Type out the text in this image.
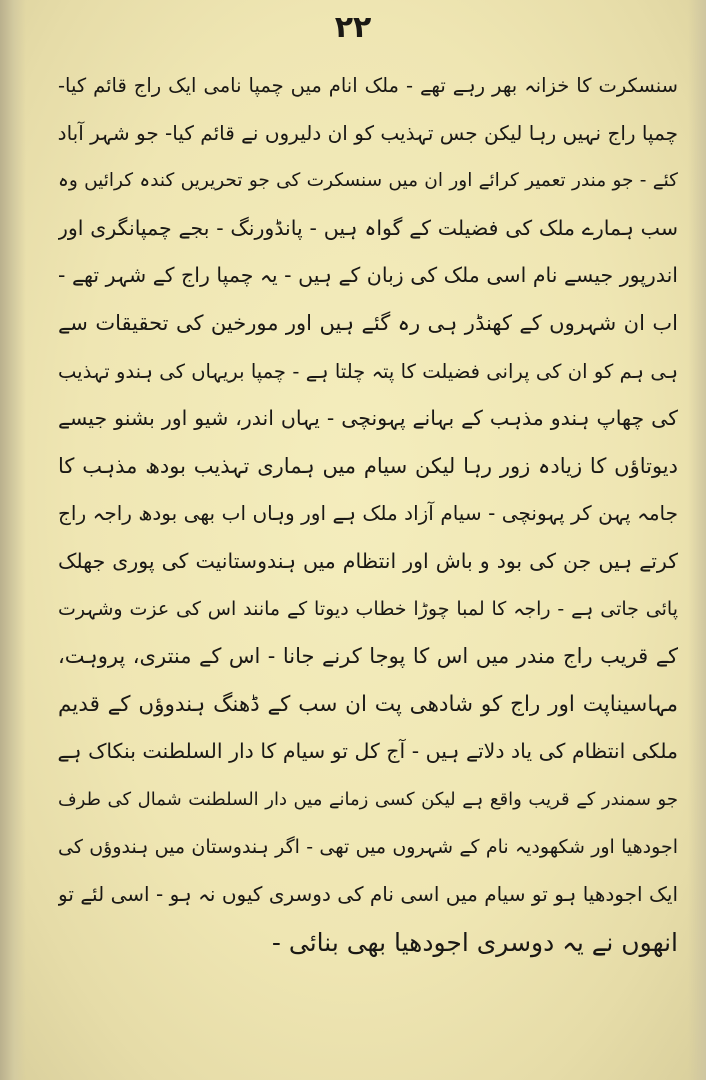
۲۲
سنسکرت کا خزانہ بھر رہے تھے - ملک انام میں چمپا نامی ایک راج قائم کیا-
چمپا راج نہیں رہا لیکن جس تہذیب کو ان دلیروں نے قائم کیا- جو شہر آباد
کئے - جو مندر تعمیر کرائے اور ان میں سنسکرت کی جو تحریریں کندہ کرائیں وہ
سب ہمارے ملک کی فضیلت کے گواہ ہیں - پانڈورنگ - بجے چمپانگری اور
اندرپور جیسے نام اسی ملک کی زبان کے ہیں - یہ چمپا راج کے شہر تھے -
اب ان شہروں کے کھنڈر ہی رہ گئے ہیں اور مورخین کی تحقیقات سے
ہی ہم کو ان کی پرانی فضیلت کا پتہ چلتا ہے - چمپا بریہاں کی ہندو تہذیب
کی چھاپ ہندو مذہب کے بہانے پہونچی - یہاں اندر، شیو اور بشنو جیسے
دیوتاؤں کا زیادہ زور رہا لیکن سیام میں ہماری تہذیب بودھ مذہب کا
جامہ پہن کر پہونچی - سیام آزاد ملک ہے اور وہاں اب بھی بودھ راجہ راج
کرتے ہیں جن کی بود و باش اور انتظام میں ہندوستانیت کی پوری جھلک
پائی جاتی ہے - راجہ کا لمبا چوڑا خطاب دیوتا کے مانند اس کی عزت وشہرت
کے قریب راج مندر میں اس کا پوجا کرنے جانا - اس کے منتری، پروہت،
مہاسیناپت اور راج کو شادھی پت ان سب کے ڈھنگ ہندوؤں کے قدیم
ملکی انتظام کی یاد دلاتے ہیں - آج کل تو سیام کا دار السلطنت بنکاک ہے
جو سمندر کے قریب واقع ہے لیکن کسی زمانے میں دار السلطنت شمال کی طرف
اجودھیا اور شکھودیہ نام کے شہروں میں تھی - اگر ہندوستان میں ہندوؤں کی
ایک اجودھیا ہو تو سیام میں اسی نام کی دوسری کیوں نہ ہو - اسی لئے تو
انھوں نے یہ دوسری اجودھیا بھی بنائی -
